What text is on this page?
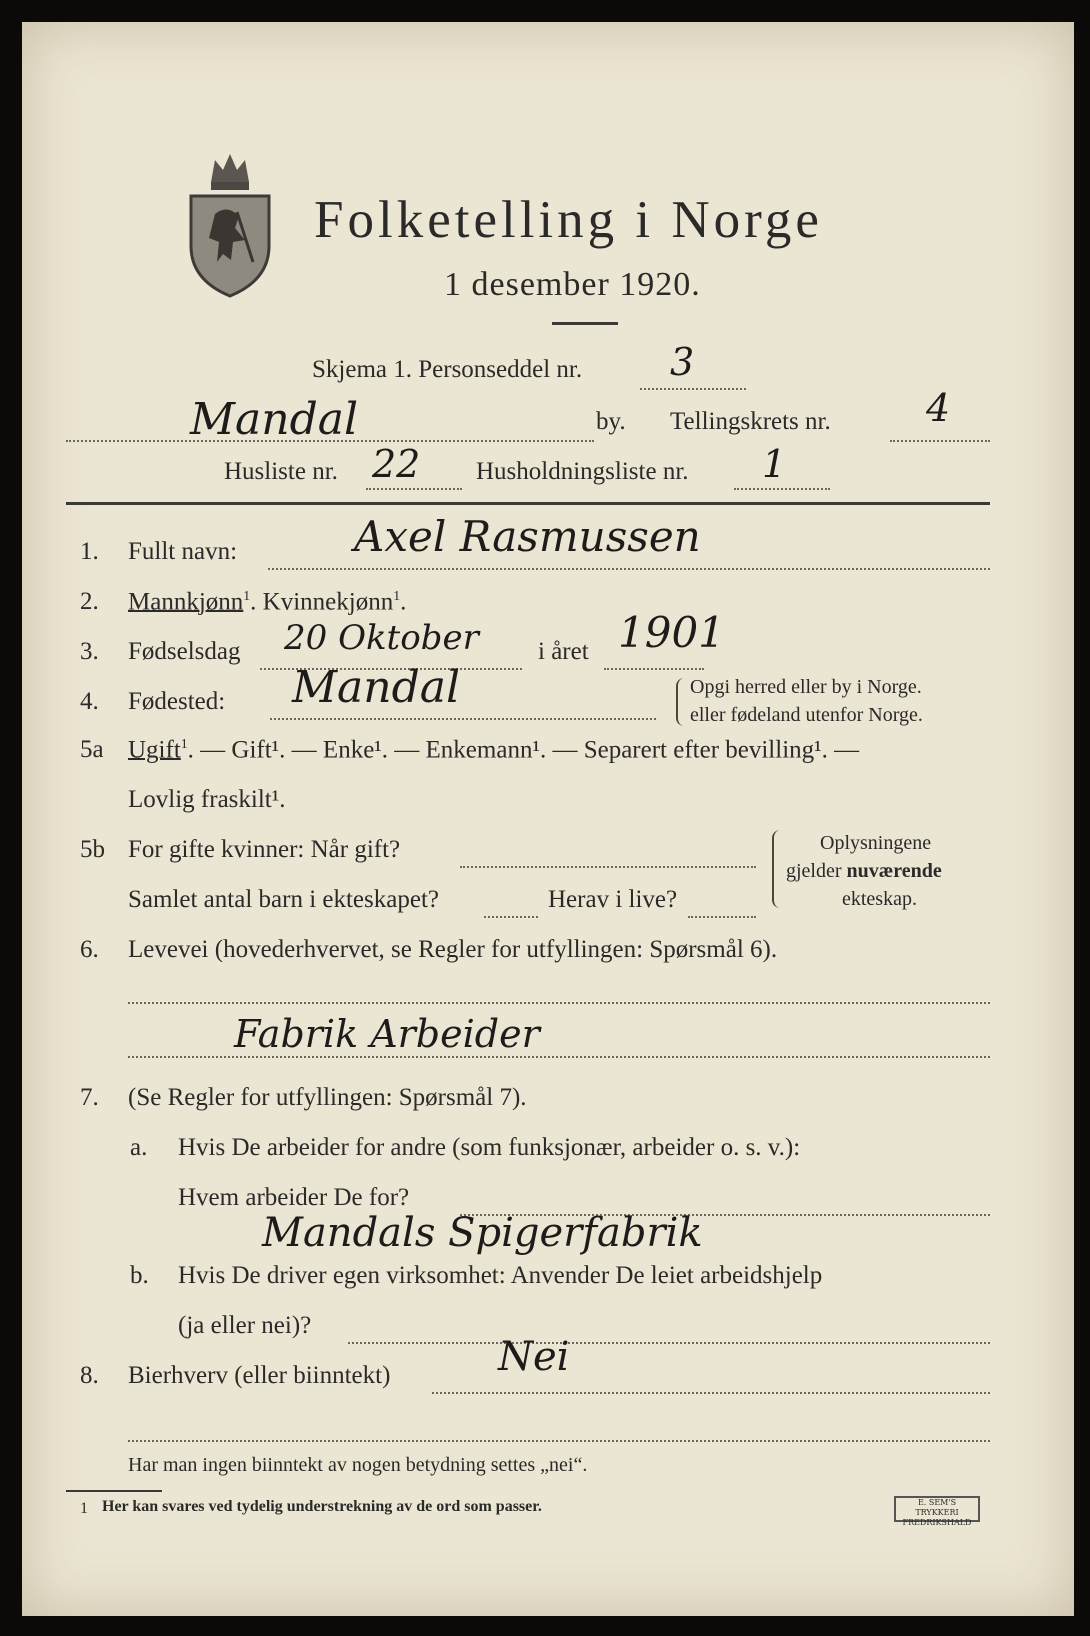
Folketelling i Norge
1 desember 1920.
Skjema 1. Personseddel nr. 3
Mandal	by. Tellingskrets nr.	4
Husliste nr. 22 Husholdningsliste nr. 1
1. Fullt navn:	Axel Rasmussen
2. Mannkjønn$^1$. Kvinnekjønn$^1$.
3. Fødselsdag 20 Oktober i året 1901
4. Fødested: Mandal	Opgi herred eller by i Norge.
eller fødeland utenfor Norge.
5a Ugift$^1$. — Gift¹. — Enke¹. — Enkemann¹. — Separert efter bevilling¹. —
Lovlig fraskilt¹.
5b For gifte kvinner: Når gift?
Samlet antal barn i ekteskapet?	Herav i live?
Oplysningene
gjelder nuværende
ekteskap.
6. Levevei (hovederhvervet, se Regler for utfyllingen: Spørsmål 6).
Fabrik Arbeider
7. (Se Regler for utfyllingen: Spørsmål 7).
a. Hvis De arbeider for andre (som funksjonær, arbeider o. s. v.):
Hvem arbeider De for?
Mandals Spigerfabrik
b. Hvis De driver egen virksomhet: Anvender De leiet arbeidshjelp
(ja eller nei)?
8. Bierhverv (eller biinntekt)	Nei
Har man ingen biinntekt av nogen betydning settes „nei“.
1 Her kan svares ved tydelig understrekning av de ord som passer.	E. SEM'S TRYKKERI
FREDRIKSHALD
